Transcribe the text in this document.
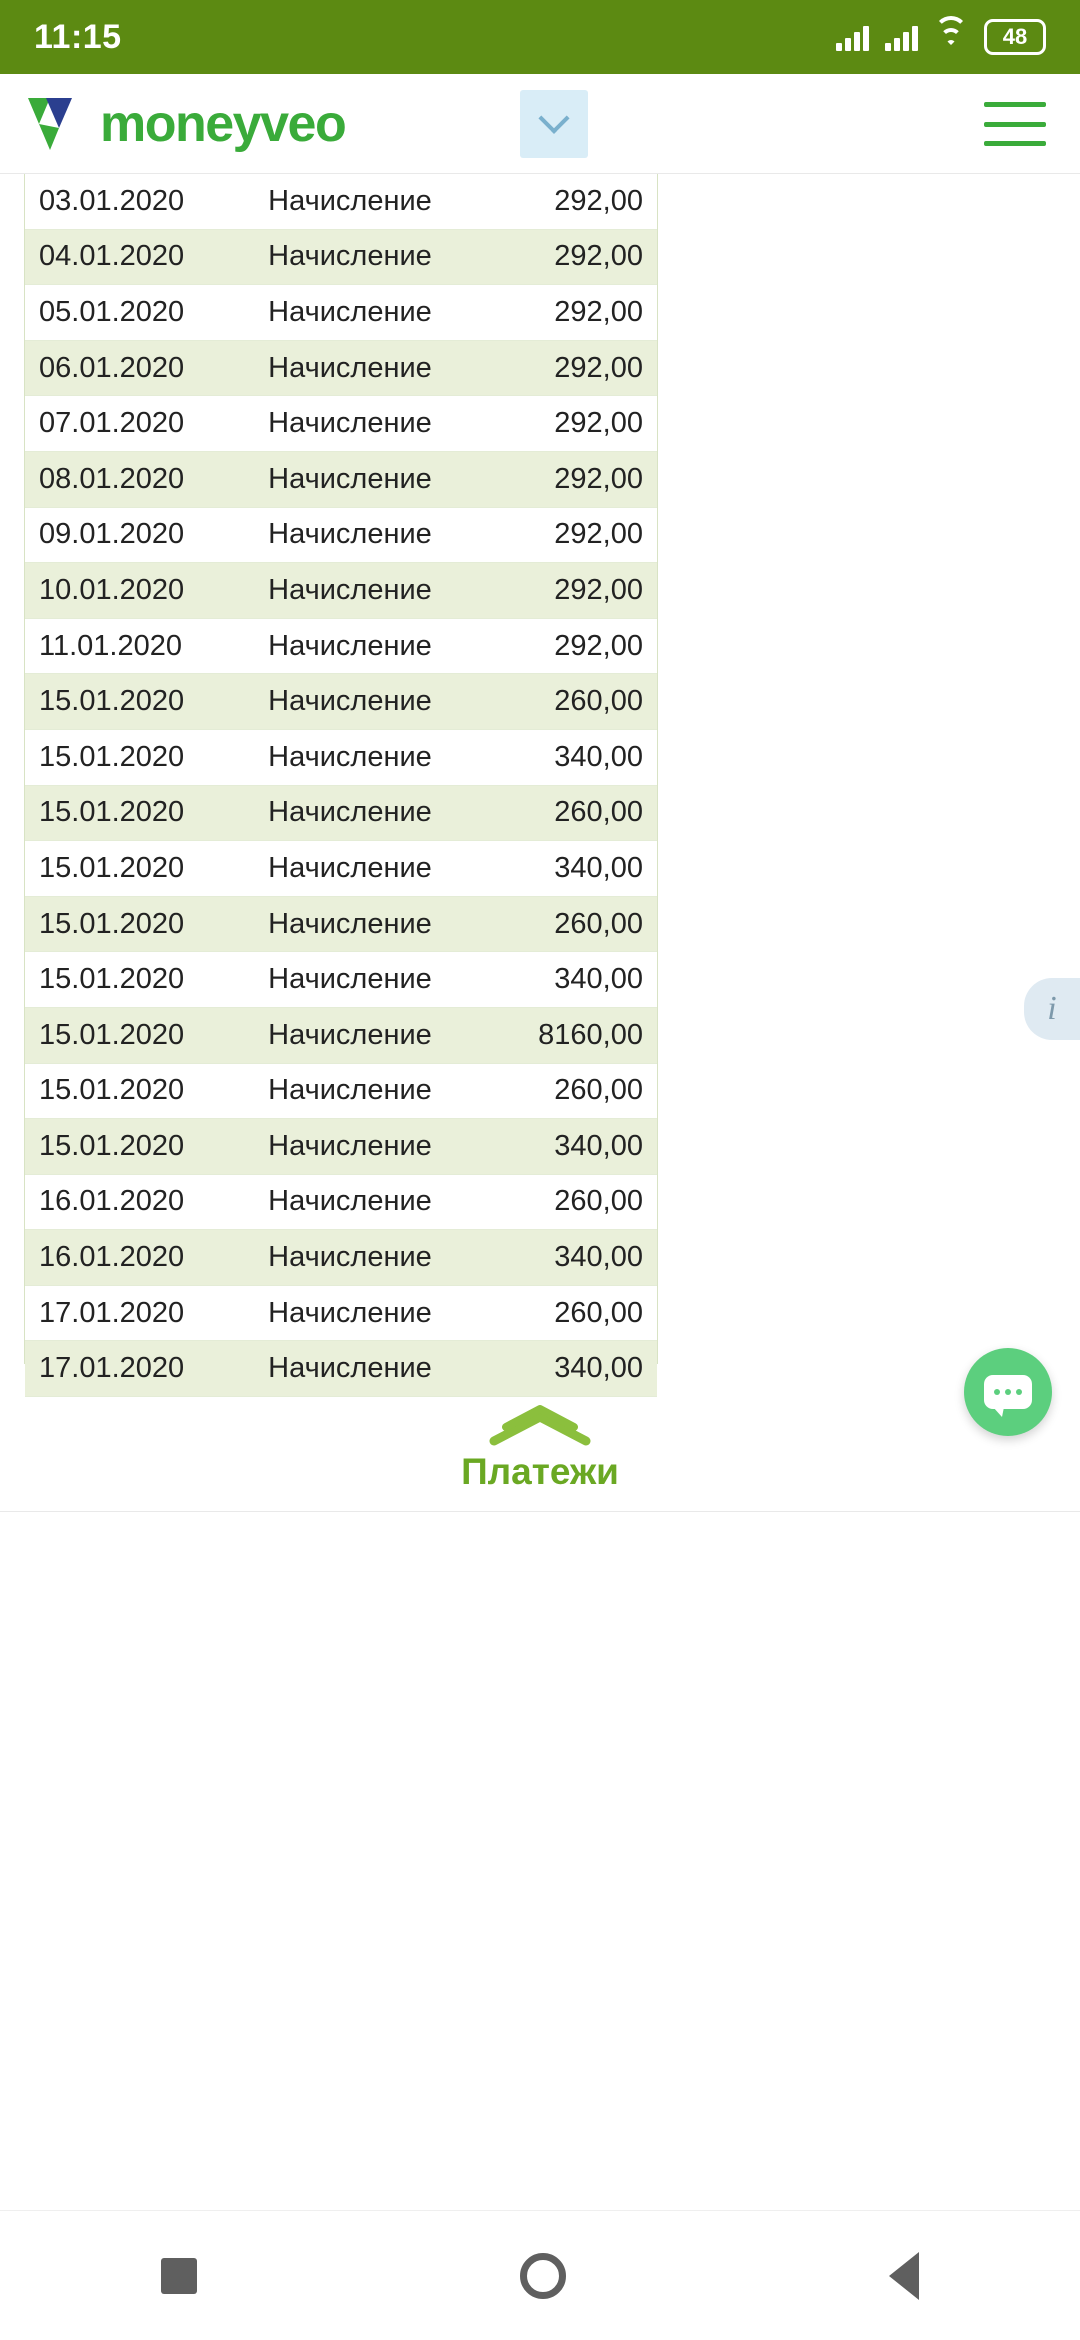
11:15	48
moneyveo
03.01.2020	Начисление	292,00
04.01.2020	Начисление	292,00
05.01.2020	Начисление	292,00
06.01.2020	Начисление	292,00
07.01.2020	Начисление	292,00
08.01.2020	Начисление	292,00
09.01.2020	Начисление	292,00
10.01.2020	Начисление	292,00
11.01.2020	Начисление	292,00
15.01.2020	Начисление	260,00
15.01.2020	Начисление	340,00
15.01.2020	Начисление	260,00
15.01.2020	Начисление	340,00
15.01.2020	Начисление	260,00
15.01.2020	Начисление	340,00
15.01.2020	Начисление	8160,00
15.01.2020	Начисление	260,00
15.01.2020	Начисление	340,00
16.01.2020	Начисление	260,00
16.01.2020	Начисление	340,00
17.01.2020	Начисление	260,00
17.01.2020	Начисление	340,00
i
Платежи
